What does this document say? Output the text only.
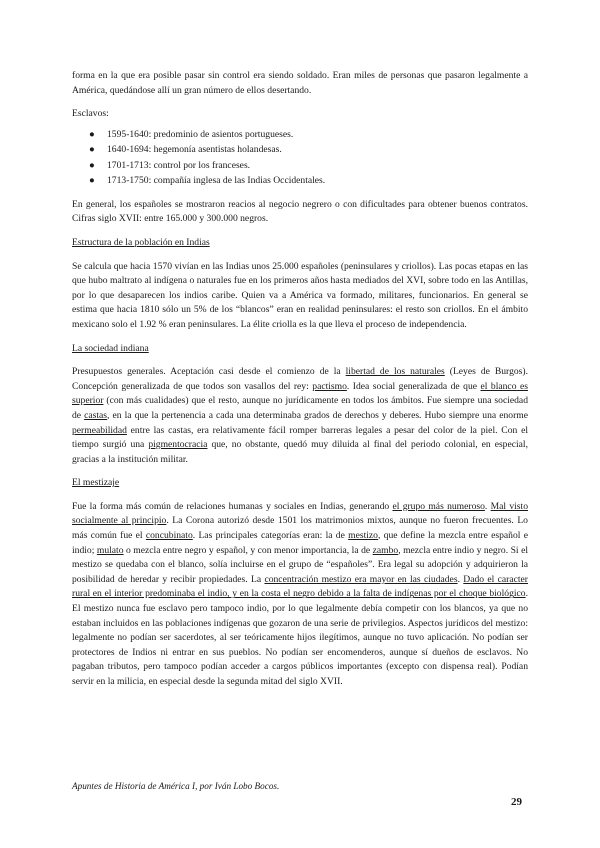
forma en la que era posible pasar sin control era siendo soldado. Eran miles de personas que pasaron legalmente a América, quedándose allí un gran número de ellos desertando.

Esclavos:

● 1595-1640: predominio de asientos portugueses.
● 1640-1694: hegemonía asentistas holandesas.
● 1701-1713: control por los franceses.
● 1713-1750: compañía inglesa de las Indias Occidentales.

En general, los españoles se mostraron reacios al negocio negrero o con dificultades para obtener buenos contratos. Cifras siglo XVII: entre 165.000 y 300.000 negros.

Estructura de la población en Indias

Se calcula que hacia 1570 vivían en las Indias unos 25.000 españoles (peninsulares y criollos). Las pocas etapas en las que hubo maltrato al indígena o naturales fue en los primeros años hasta mediados del XVI, sobre todo en las Antillas, por lo que desaparecen los indios caribe. Quien va a América va formado, militares, funcionarios. En general se estima que hacia 1810 sólo un 5% de los “blancos” eran en realidad peninsulares: el resto son criollos. En el ámbito mexicano solo el 1.92 % eran peninsulares. La élite criolla es la que lleva el proceso de independencia.

La sociedad indiana

Presupuestos generales. Aceptación casi desde el comienzo de la libertad de los naturales (Leyes de Burgos). Concepción generalizada de que todos son vasallos del rey: pactismo. Idea social generalizada de que el blanco es superior (con más cualidades) que el resto, aunque no jurídicamente en todos los ámbitos. Fue siempre una sociedad de castas, en la que la pertenencia a cada una determinaba grados de derechos y deberes. Hubo siempre una enorme permeabilidad entre las castas, era relativamente fácil romper barreras legales a pesar del color de la piel. Con el tiempo surgió una pigmentocracia que, no obstante, quedó muy diluida al final del periodo colonial, en especial, gracias a la institución militar.

El mestizaje

Fue la forma más común de relaciones humanas y sociales en Indias, generando el grupo más numeroso. Mal visto socialmente al principio. La Corona autorizó desde 1501 los matrimonios mixtos, aunque no fueron frecuentes. Lo más común fue el concubinato. Las principales categorías eran: la de mestizo, que define la mezcla entre español e indio; mulato o mezcla entre negro y español, y con menor importancia, la de zambo, mezcla entre indio y negro. Si el mestizo se quedaba con el blanco, solía incluirse en el grupo de “españoles”. Era legal su adopción y adquirieron la posibilidad de heredar y recibir propiedades. La concentración mestizo era mayor en las ciudades. Dado el caracter rural en el interior predominaba el indio, y en la costa el negro debido a la falta de indígenas por el choque biológico. El mestizo nunca fue esclavo pero tampoco indio, por lo que legalmente debía competir con los blancos, ya que no estaban incluidos en las poblaciones indígenas que gozaron de una serie de privilegios. Aspectos jurídicos del mestizo: legalmente no podían ser sacerdotes, al ser teóricamente hijos ilegítimos, aunque no tuvo aplicación. No podían ser protectores de Indios ni entrar en sus pueblos. No podían ser encomenderos, aunque sí dueños de esclavos. No pagaban tributos, pero tampoco podían acceder a cargos públicos importantes (excepto con dispensa real). Podían servir en la milicia, en especial desde la segunda mitad del siglo XVII.

Apuntes de Historia de América I, por Iván Lobo Bocos.
29
